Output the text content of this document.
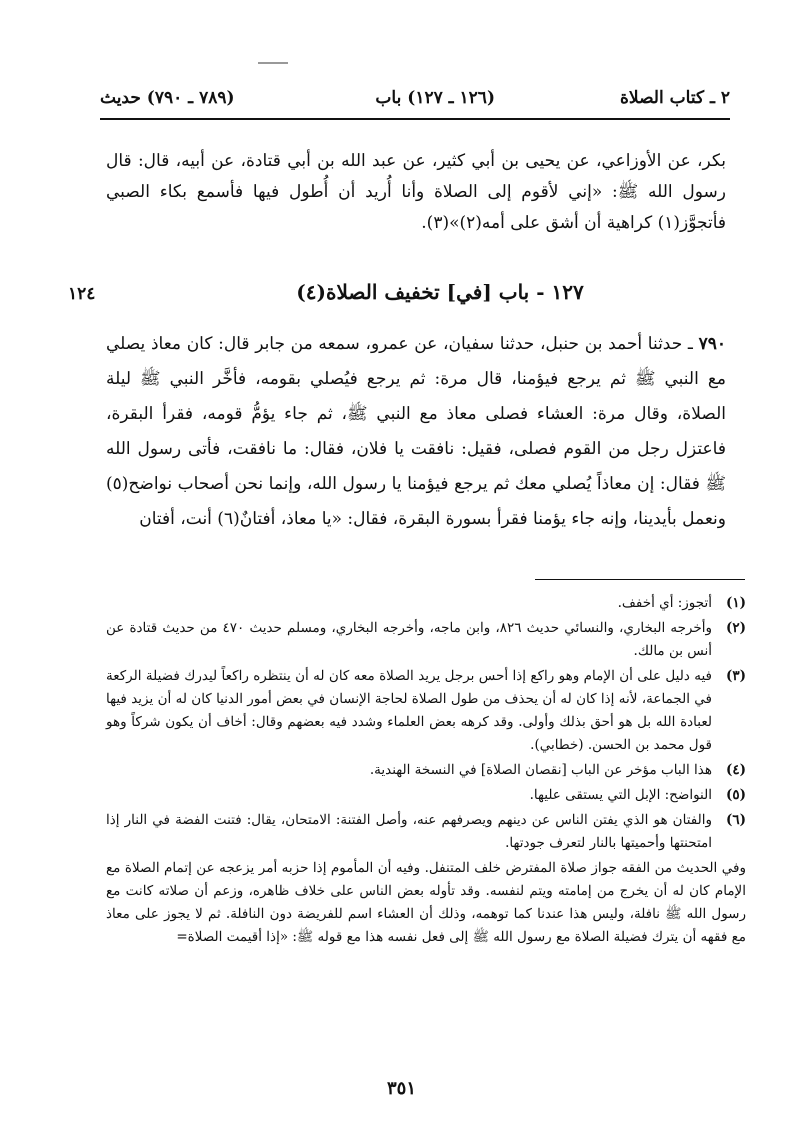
٢ ـ كتاب الصلاة
(١٢٦ ـ ١٢٧) باب
(٧٨٩ ـ ٧٩٠) حديث
بكر، عن الأوزاعي، عن يحيى بن أبي كثير، عن عبد الله بن أبي قتادة، عن أبيه، قال: قال رسول الله ﷺ: «إني لأقوم إلى الصلاة وأنا أُريد أن أُطول فيها فأسمع بكاء الصبي فأتجوَّز(١) كراهية أن أشق على أمه(٢)»(٣).
١٢٧ - باب [في] تخفيف الصلاة(٤)
١٢٤
٧٩٠ ـ حدثنا أحمد بن حنبل، حدثنا سفيان، عن عمرو، سمعه من جابر قال: كان معاذ يصلي مع النبي ﷺ ثم يرجع فيؤمنا، قال مرة: ثم يرجع فيُصلي بقومه، فأخَّر النبي ﷺ ليلة الصلاة، وقال مرة: العشاء فصلى معاذ مع النبي ﷺ، ثم جاء يؤمُّ قومه، فقرأ البقرة، فاعتزل رجل من القوم فصلى، فقيل: نافقت يا فلان، فقال: ما نافقت، فأتى رسول الله ﷺ فقال: إن معاذاً يُصلي معك ثم يرجع فيؤمنا يا رسول الله، وإنما نحن أصحاب نواضح(٥) ونعمل بأيدينا، وإنه جاء يؤمنا فقرأ بسورة البقرة، فقال: «يا معاذ، أفتانٌ(٦) أنت، أفتان
(١)
أتجوز: أي أخفف.
(٢)
وأخرجه البخاري، والنسائي حديث ٨٢٦، وابن ماجه، وأخرجه البخاري، ومسلم حديث ٤٧٠ من حديث قتادة عن أنس بن مالك.
(٣)
فيه دليل على أن الإمام وهو راكع إذا أحس برجل يريد الصلاة معه كان له أن ينتظره راكعاً ليدرك فضيلة الركعة في الجماعة، لأنه إذا كان له أن يحذف من طول الصلاة لحاجة الإنسان في بعض أمور الدنيا كان له أن يزيد فيها لعبادة الله بل هو أحق بذلك وأولى. وقد كرهه بعض العلماء وشدد فيه بعضهم وقال: أخاف أن يكون شركاً وهو قول محمد بن الحسن. (خطابي).
(٤)
هذا الباب مؤخر عن الباب [نقصان الصلاة] في النسخة الهندية.
(٥)
النواضح: الإبل التي يستقى عليها.
(٦)
والفتان هو الذي يفتن الناس عن دينهم ويصرفهم عنه، وأصل الفتنة: الامتحان، يقال: فتنت الفضة في النار إذا امتحنتها وأحميتها بالنار لتعرف جودتها.
وفي الحديث من الفقه جواز صلاة المفترض خلف المتنفل. وفيه أن المأموم إذا حزبه أمر يزعجه عن إتمام الصلاة مع الإمام كان له أن يخرج من إمامته ويتم لنفسه. وقد تأوله بعض الناس على خلاف ظاهره، وزعم أن صلاته كانت مع رسول الله ﷺ نافلة، وليس هذا عندنا كما توهمه، وذلك أن العشاء اسم للفريضة دون النافلة. ثم لا يجوز على معاذ مع فقهه أن يترك فضيلة الصلاة مع رسول الله ﷺ إلى فعل نفسه هذا مع قوله ﷺ: «إذا أقيمت الصلاة=
٣٥١
